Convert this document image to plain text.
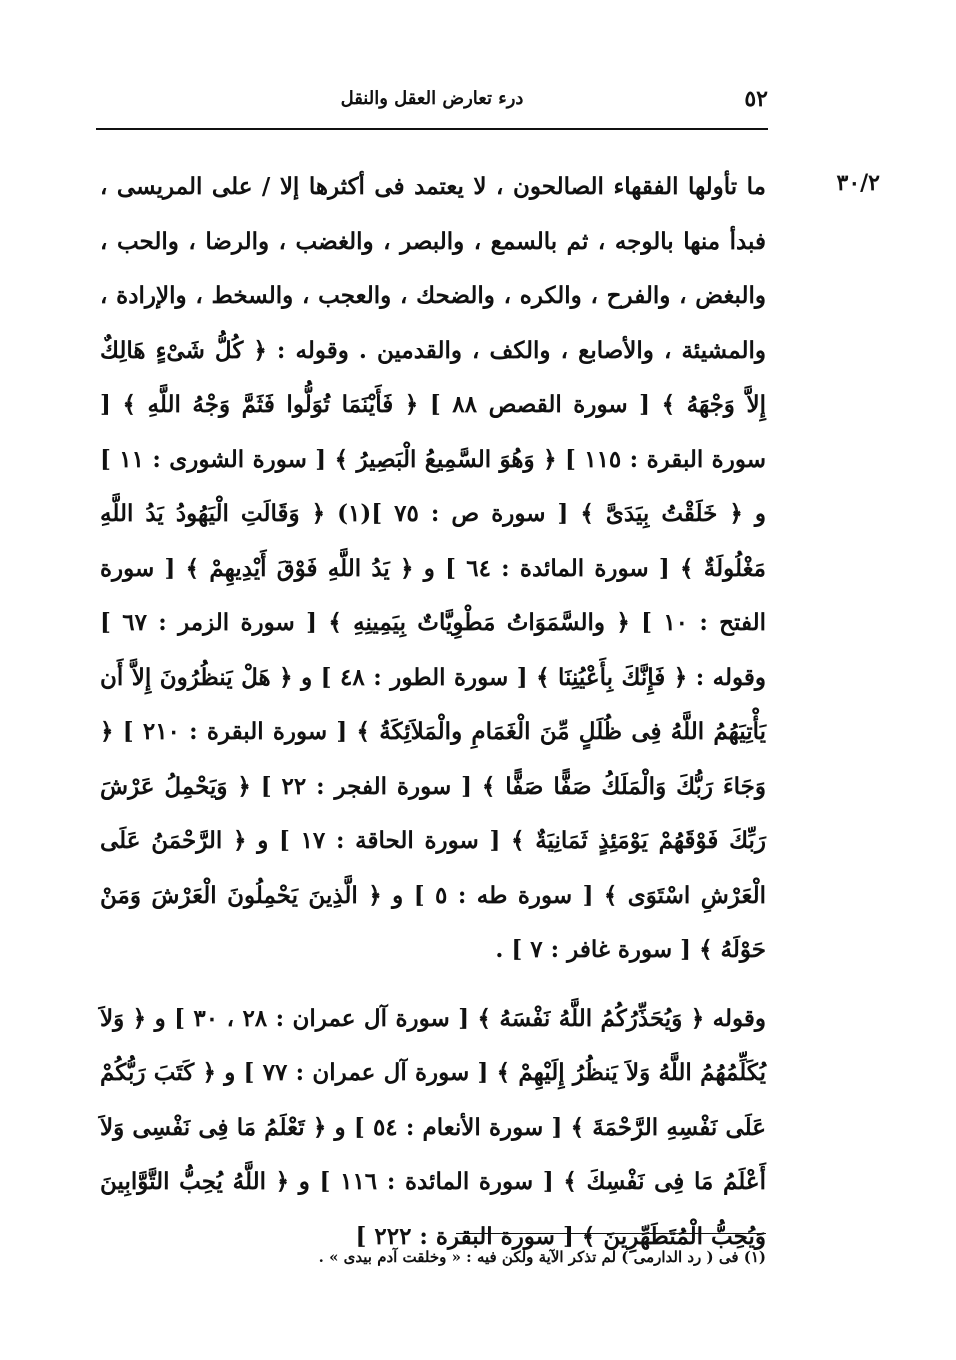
٥٢
درء تعارض العقل والنقل
٣٠/٢

ما تأولها الفقهاء الصالحون ، لا يعتمد فى أكثرها إلا / على المريسى ، فبدأ منها بالوجه ، ثم بالسمع ، والبصر ، والغضب ، والرضا ، والحب ، والبغض ، والفرح ، والكره ، والضحك ، والعجب ، والسخط ، والإرادة ، والمشيئة ، والأصابع ، والكف ، والقدمين . وقوله : ﴿ كُلُّ شَىْءٍ هَالِكٌ إِلاَّ وَجْهَهُ ﴾ [ سورة القصص ٨٨ ] ﴿ فَأَيْنَمَا تُوَلُّوا فَثَمَّ وَجْهُ اللَّهِ ﴾ [ سورة البقرة : ١١٥ ] ﴿ وَهُوَ السَّمِيعُ الْبَصِيرُ ﴾ [ سورة الشورى : ١١ ] و ﴿ خَلَقْتُ بِيَدَىَّ ﴾ [ سورة ص : ٧٥ ](١) ﴿ وَقَالَتِ الْيَهُودُ يَدُ اللَّهِ مَغْلُولَةٌ ﴾ [ سورة المائدة : ٦٤ ] و ﴿ يَدُ اللَّهِ فَوْقَ أَيْدِيهِمْ ﴾ [ سورة الفتح : ١٠ ] ﴿ والسَّمَوَاتُ مَطْوِيَّاتٌ بِيَمِينِهِ ﴾ [ سورة الزمر : ٦٧ ] وقوله : ﴿ فَإِنَّكَ بِأَعْيُنِنَا ﴾ [ سورة الطور : ٤٨ ] و ﴿ هَلْ يَنظُرُونَ إِلاَّ أَن يَأْتِيَهُمُ اللَّهُ فِى ظُلَلٍ مِّنَ الْغَمَامِ والْمَلاَئِكَةُ ﴾ [ سورة البقرة : ٢١٠ ] ﴿ وَجَاءَ رَبُّكَ وَالْمَلَكُ صَفًّا صَفًّا ﴾ [ سورة الفجر : ٢٢ ] ﴿ وَيَحْمِلُ عَرْشَ رَبِّكَ فَوْقَهُمْ يَوْمَئِذٍ ثَمَانِيَةٌ ﴾ [ سورة الحاقة : ١٧ ] و ﴿ الرَّحْمَنُ عَلَى الْعَرْشِ اسْتَوَى ﴾ [ سورة طه : ٥ ] و ﴿ الَّذِينَ يَحْمِلُونَ الْعَرْشَ وَمَنْ حَوْلَهُ ﴾ [ سورة غافر : ٧ ] .

وقوله ﴿ وَيُحَذِّرُكُمُ اللَّهُ نَفْسَهُ ﴾ [ سورة آل عمران : ٢٨ ، ٣٠ ] و ﴿ وَلاَ يُكَلِّمُهُمُ اللَّهُ وَلاَ يَنظُرُ إِلَيْهِمْ ﴾ [ سورة آل عمران : ٧٧ ] و ﴿ كَتَبَ رَبُّكُمْ عَلَى نَفْسِهِ الرَّحْمَةَ ﴾ [ سورة الأنعام : ٥٤ ] و ﴿ تَعْلَمُ مَا فِى نَفْسِى وَلاَ أَعْلَمُ مَا فِى نَفْسِكَ ﴾ [ سورة المائدة : ١١٦ ] و ﴿ اللَّهُ يُحِبُّ التَّوَّابِينَ وَيُحِبُّ الْمُتَطَهِّرِينَ ﴾ [ سورة البقرة : ٢٢٢ ]

(١) فى ( رد الدارمى ) لم تذكر الآية ولكن فيه : « وخلقت آدم بيدى » .
